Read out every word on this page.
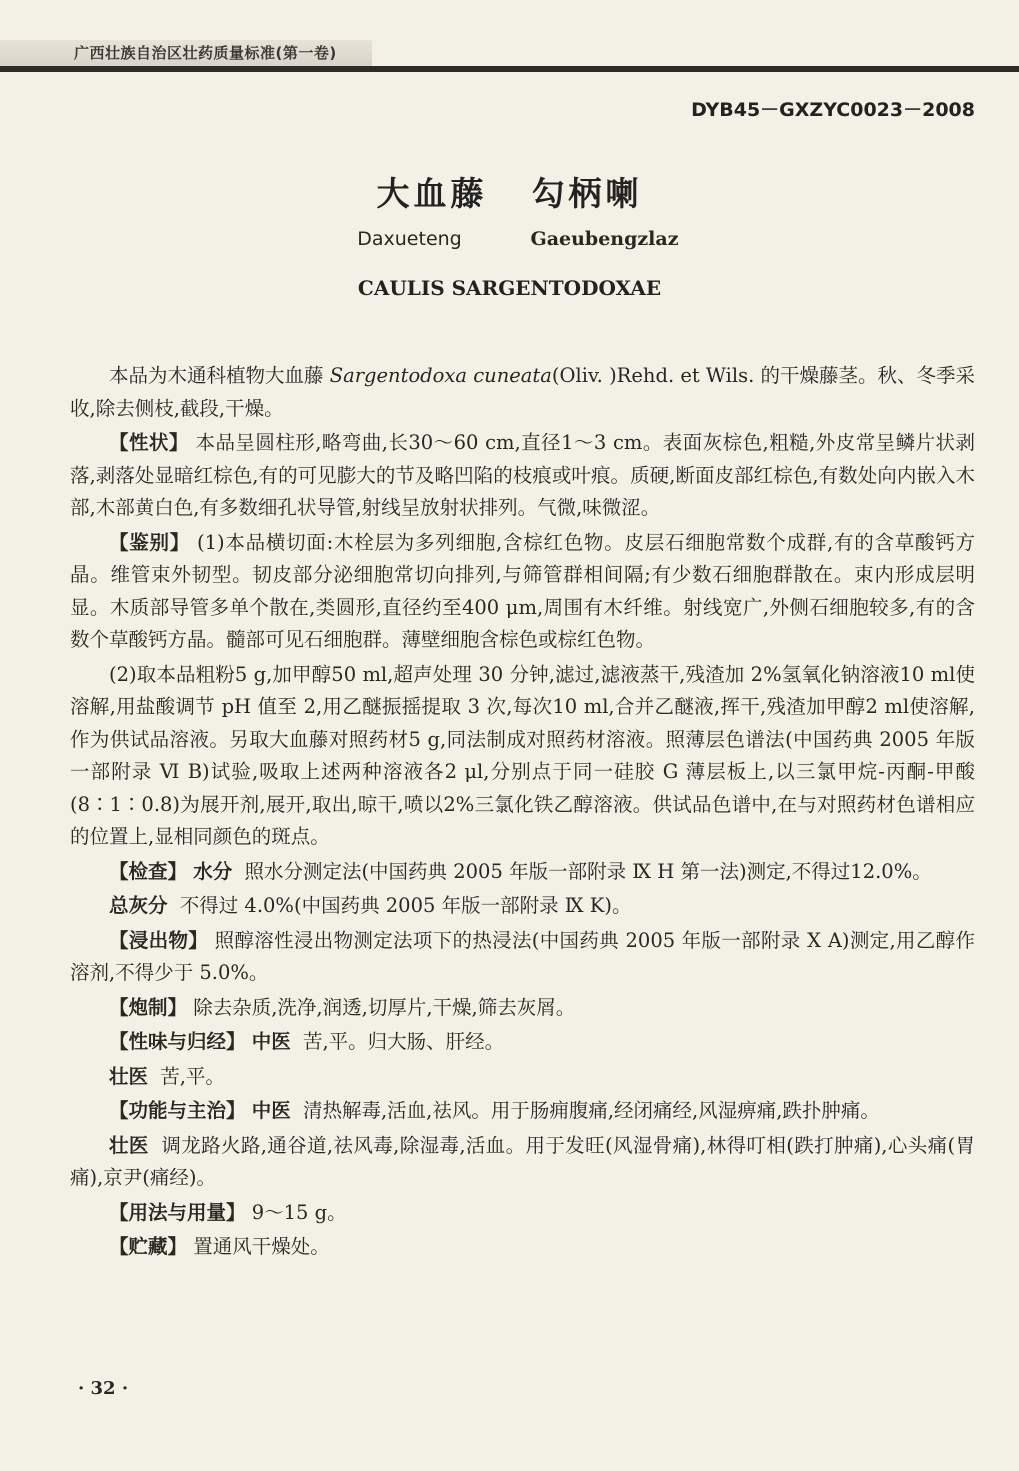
广西壮族自治区壮药质量标准(第一卷)
DYB45－GXZYC0023－2008
大血藤 勾柄喇
Daxueteng	Gaeubengzlaz
CAULIS SARGENTODOXAE

本品为木通科植物大血藤 Sargentodoxa cuneata(Oliv. )Rehd. et Wils. 的干燥藤茎。秋、冬季采收,除去侧枝,截段,干燥。

【性状】 本品呈圆柱形,略弯曲,长30～60 cm,直径1～3 cm。表面灰棕色,粗糙,外皮常呈鳞片状剥落,剥落处显暗红棕色,有的可见膨大的节及略凹陷的枝痕或叶痕。质硬,断面皮部红棕色,有数处向内嵌入木部,木部黄白色,有多数细孔状导管,射线呈放射状排列。气微,味微涩。

【鉴别】 (1)本品横切面:木栓层为多列细胞,含棕红色物。皮层石细胞常数个成群,有的含草酸钙方晶。维管束外韧型。韧皮部分泌细胞常切向排列,与筛管群相间隔;有少数石细胞群散在。束内形成层明显。木质部导管多单个散在,类圆形,直径约至400 μm,周围有木纤维。射线宽广,外侧石细胞较多,有的含数个草酸钙方晶。髓部可见石细胞群。薄壁细胞含棕色或棕红色物。

(2)取本品粗粉5 g,加甲醇50 ml,超声处理 30 分钟,滤过,滤液蒸干,残渣加 2%氢氧化钠溶液10 ml使溶解,用盐酸调节 pH 值至 2,用乙醚振摇提取 3 次,每次10 ml,合并乙醚液,挥干,残渣加甲醇2 ml使溶解,作为供试品溶液。另取大血藤对照药材5 g,同法制成对照药材溶液。照薄层色谱法(中国药典 2005 年版一部附录 Ⅵ B)试验,吸取上述两种溶液各2 μl,分别点于同一硅胶 G 薄层板上,以三氯甲烷-丙酮-甲酸(8∶1∶0.8)为展开剂,展开,取出,晾干,喷以2%三氯化铁乙醇溶液。供试品色谱中,在与对照药材色谱相应的位置上,显相同颜色的斑点。

【检查】 水分 照水分测定法(中国药典 2005 年版一部附录 Ⅸ H 第一法)测定,不得过12.0%。

总灰分 不得过 4.0%(中国药典 2005 年版一部附录 Ⅸ K)。

【浸出物】 照醇溶性浸出物测定法项下的热浸法(中国药典 2005 年版一部附录 Ⅹ A)测定,用乙醇作溶剂,不得少于 5.0%。

【炮制】 除去杂质,洗净,润透,切厚片,干燥,筛去灰屑。

【性味与归经】 中医 苦,平。归大肠、肝经。

壮医 苦,平。

【功能与主治】 中医 清热解毒,活血,祛风。用于肠痈腹痛,经闭痛经,风湿痹痛,跌扑肿痛。

壮医 调龙路火路,通谷道,祛风毒,除湿毒,活血。用于发旺(风湿骨痛),林得叮相(跌打肿痛),心头痛(胃痛),京尹(痛经)。

【用法与用量】 9～15 g。

【贮藏】 置通风干燥处。

· 32 ·
